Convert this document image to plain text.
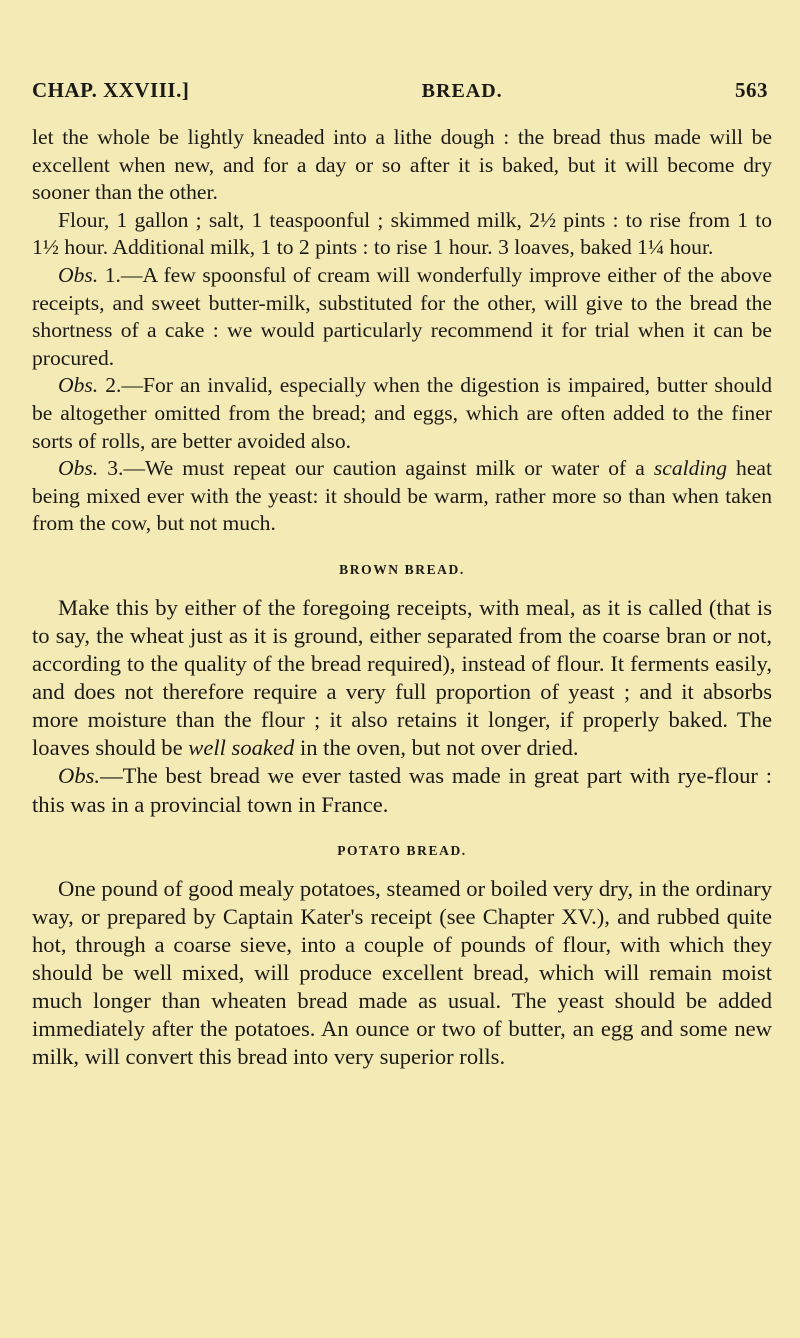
CHAP. XXVIII.]	BREAD.	563

let the whole be lightly kneaded into a lithe dough : the bread thus made will be excellent when new, and for a day or so after it is baked, but it will become dry sooner than the other.

Flour, 1 gallon ; salt, 1 teaspoonful ; skimmed milk, 2½ pints : to rise from 1 to 1½ hour. Additional milk, 1 to 2 pints : to rise 1 hour. 3 loaves, baked 1¼ hour.

Obs. 1.—A few spoonsful of cream will wonderfully improve either of the above receipts, and sweet butter-milk, substituted for the other, will give to the bread the shortness of a cake : we would particularly recommend it for trial when it can be procured.

Obs. 2.—For an invalid, especially when the digestion is impaired, butter should be altogether omitted from the bread; and eggs, which are often added to the finer sorts of rolls, are better avoided also.

Obs. 3.—We must repeat our caution against milk or water of a scalding heat being mixed ever with the yeast: it should be warm, rather more so than when taken from the cow, but not much.

BROWN BREAD.

Make this by either of the foregoing receipts, with meal, as it is called (that is to say, the wheat just as it is ground, either separated from the coarse bran or not, according to the quality of the bread required), instead of flour. It ferments easily, and does not therefore require a very full proportion of yeast ; and it absorbs more moisture than the flour ; it also retains it longer, if properly baked. The loaves should be well soaked in the oven, but not over dried.

Obs.—The best bread we ever tasted was made in great part with rye-flour : this was in a provincial town in France.

POTATO BREAD.

One pound of good mealy potatoes, steamed or boiled very dry, in the ordinary way, or prepared by Captain Kater's receipt (see Chapter XV.), and rubbed quite hot, through a coarse sieve, into a couple of pounds of flour, with which they should be well mixed, will produce excellent bread, which will remain moist much longer than wheaten bread made as usual. The yeast should be added immediately after the potatoes. An ounce or two of butter, an egg and some new milk, will convert this bread into very superior rolls.
